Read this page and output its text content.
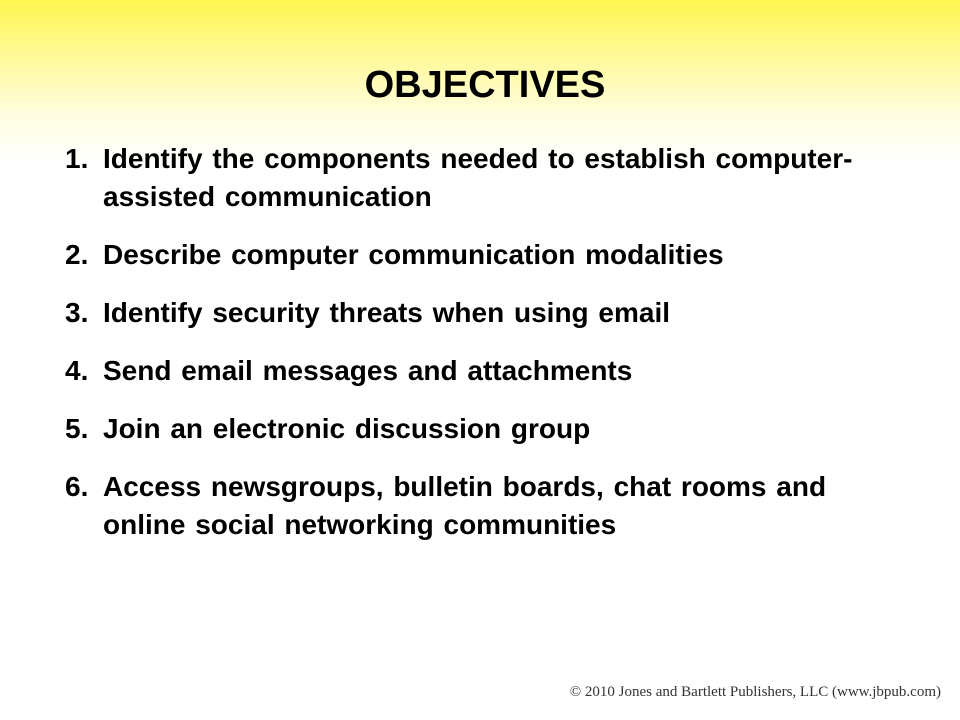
OBJECTIVES
1. Identify the components needed to establish computer-assisted communication
2. Describe computer communication modalities
3. Identify security threats when using email
4. Send email messages and attachments
5. Join an electronic discussion group
6. Access newsgroups, bulletin boards, chat rooms and online social networking communities
© 2010 Jones and Bartlett Publishers, LLC (www.jbpub.com)
